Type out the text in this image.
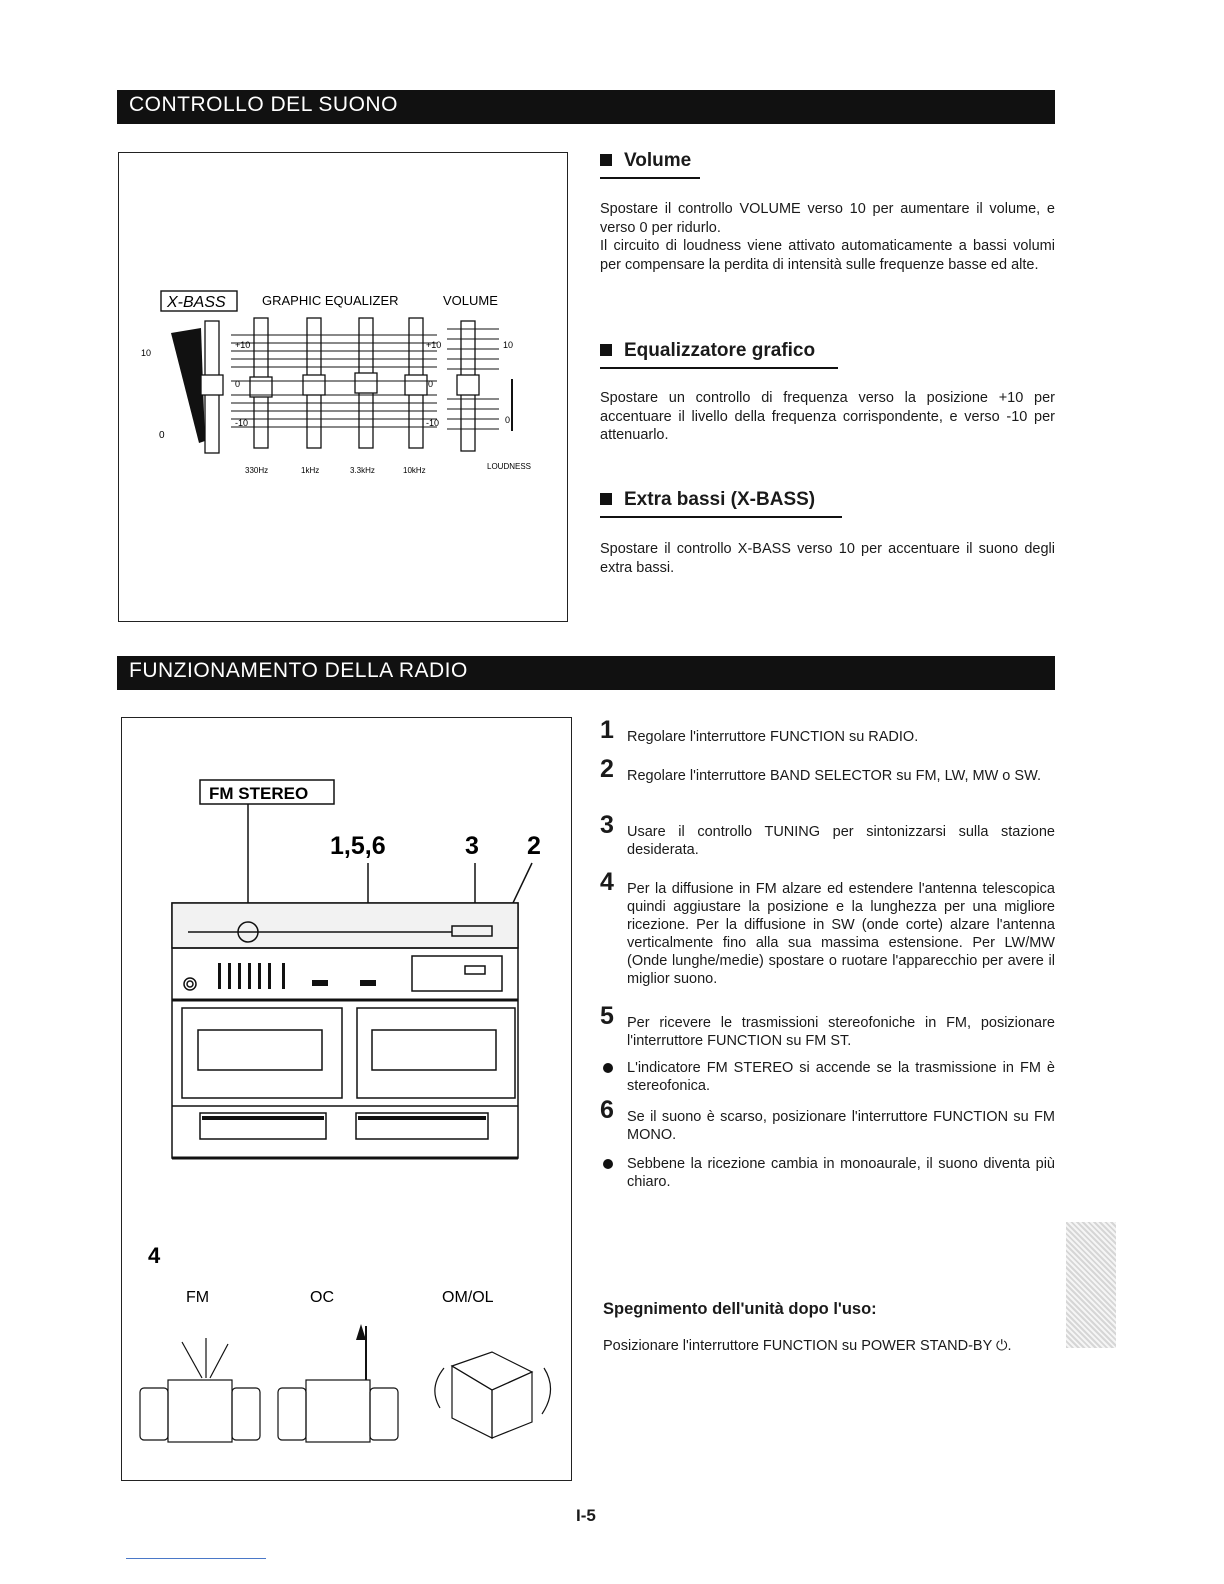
CONTROLLO DEL SUONO
FUNZIONAMENTO DELLA RADIO
X-BASS	GRAPHIC EQUALIZER	VOLUME
10
0
+10
0
-10
+10
0
-10
10
0
330Hz	1kHz	3.3kHz	10kHz	LOUDNESS
Volume
Spostare il controllo VOLUME verso 10 per aumentare il volume, e verso 0 per ridurlo.
Il circuito di loudness viene attivato automaticamente a bassi volumi per compensare la perdita di intensità sulle frequenze basse ed alte.
Equalizzatore grafico
Spostare un controllo di frequenza verso la posizione +10 per accentuare il livello della frequenza corrispondente, e verso -10 per attenuarlo.
Extra bassi (X-BASS)
Spostare il controllo X-BASS verso 10 per accentuare il suono degli extra bassi.
FM STEREO
1,5,6	3 2
4
FM	OC	OM/OL
1 Regolare l'interruttore FUNCTION su RADIO.
2 Regolare l'interruttore BAND SELECTOR su FM, LW, MW o SW.
3 Usare il controllo TUNING per sintonizzarsi sulla stazione desiderata.
4 Per la diffusione in FM alzare ed estendere l'antenna telescopica quindi aggiustare la posizione e la lunghezza per una migliore ricezione. Per la diffusione in SW (onde corte) alzare l'antenna verticalmente fino alla sua massima estensione. Per LW/MW (Onde lunghe/medie) spostare o ruotare l'apparecchio per avere il miglior suono.
5 Per ricevere le trasmissioni stereofoniche in FM, posizionare l'interruttore FUNCTION su FM ST.
L'indicatore FM STEREO si accende se la trasmissione in FM è stereofonica.
6 Se il suono è scarso, posizionare l'interruttore FUNCTION su FM MONO.
Sebbene la ricezione cambia in monoaurale, il suono diventa più chiaro.
Spegnimento dell'unità dopo l'uso:
Posizionare l'interruttore FUNCTION su POWER STAND-BY ⏻.
I-5
